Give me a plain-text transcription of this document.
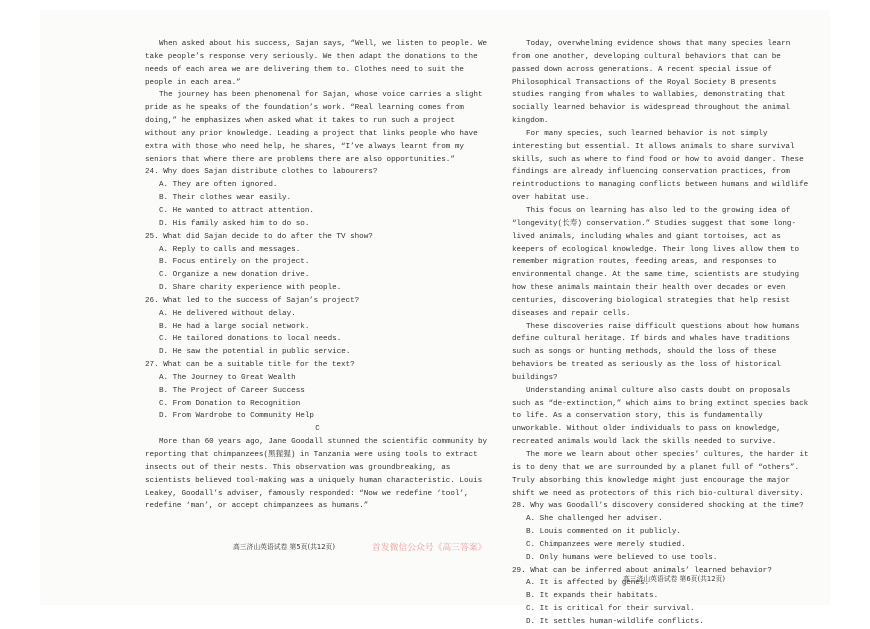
When asked about his success, Sajan says, “Well, we listen to people. We take people’s response very seriously. We then adapt the donations to the needs of each area we are delivering them to. Clothes need to suit the people in each area.”

The journey has been phenomenal for Sajan, whose voice carries a slight pride as he speaks of the foundation’s work. “Real learning comes from doing,” he emphasizes when asked what it takes to run such a project without any prior knowledge. Leading a project that links people who have extra with those who need help, he shares, “I’ve always learnt from my seniors that where there are problems there are also opportunities.”

24. Why does Sajan distribute clothes to labourers?

A. They are often ignored.

B. Their clothes wear easily.

C. He wanted to attract attention.

D. His family asked him to do so.

25. What did Sajan decide to do after the TV show?

A. Reply to calls and messages.

B. Focus entirely on the project.

C. Organize a new donation drive.

D. Share charity experience with people.

26. What led to the success of Sajan’s project?

A. He delivered without delay.

B. He had a large social network.

C. He tailored donations to local needs.

D. He saw the potential in public service.

27. What can be a suitable title for the text?

A. The Journey to Great Wealth

B. The Project of Career Success

C. From Donation to Recognition

D. From Wardrobe to Community Help

C

More than 60 years ago, Jane Goodall stunned the scientific community by reporting that chimpanzees(黑猩猩) in Tanzania were using tools to extract insects out of their nests. This observation was groundbreaking, as scientists believed tool-making was a uniquely human characteristic. Louis Leakey, Goodall’s adviser, famously responded: “Now we redefine ‘tool’, redefine ‘man’, or accept chimpanzees as humans.”

Today, overwhelming evidence shows that many species learn from one another, developing cultural behaviors that can be passed down across generations. A recent special issue of Philosophical Transactions of the Royal Society B presents studies ranging from whales to wallabies, demonstrating that socially learned behavior is widespread throughout the animal kingdom.

For many species, such learned behavior is not simply interesting but essential. It allows animals to share survival skills, such as where to find food or how to avoid danger. These findings are already influencing conservation practices, from reintroductions to managing conflicts between humans and wildlife over habitat use.

This focus on learning has also led to the growing idea of “longevity(长寿) conservation.” Studies suggest that some long-lived animals, including whales and giant tortoises, act as keepers of ecological knowledge. Their long lives allow them to remember migration routes, feeding areas, and responses to environmental change. At the same time, scientists are studying how these animals maintain their health over decades or even centuries, discovering biological strategies that help resist diseases and repair cells.

These discoveries raise difficult questions about how humans define cultural heritage. If birds and whales have traditions such as songs or hunting methods, should the loss of these behaviors be treated as seriously as the loss of historical buildings?

Understanding animal culture also casts doubt on proposals such as “de-extinction,” which aims to bring extinct species back to life. As a conservation story, this is fundamentally unworkable. Without older individuals to pass on knowledge, recreated animals would lack the skills needed to survive.

The more we learn about other species’ cultures, the harder it is to deny that we are surrounded by a planet full of “others”. Truly absorbing this knowledge might just encourage the major shift we need as protectors of this rich bio-cultural diversity.

28. Why was Goodall’s discovery considered shocking at the time?

A. She challenged her adviser.

B. Louis commented on it publicly.

C. Chimpanzees were merely studied.

D. Only humans were believed to use tools.

29. What can be inferred about animals’ learned behavior?

A. It is affected by genes.

B. It expands their habitats.

C. It is critical for their survival.

D. It settles human-wildlife conflicts.

高三济山英语试卷 第5页(共12页)	首发微信公众号《高三答案》
高三济山英语试卷 第6页(共12页)
